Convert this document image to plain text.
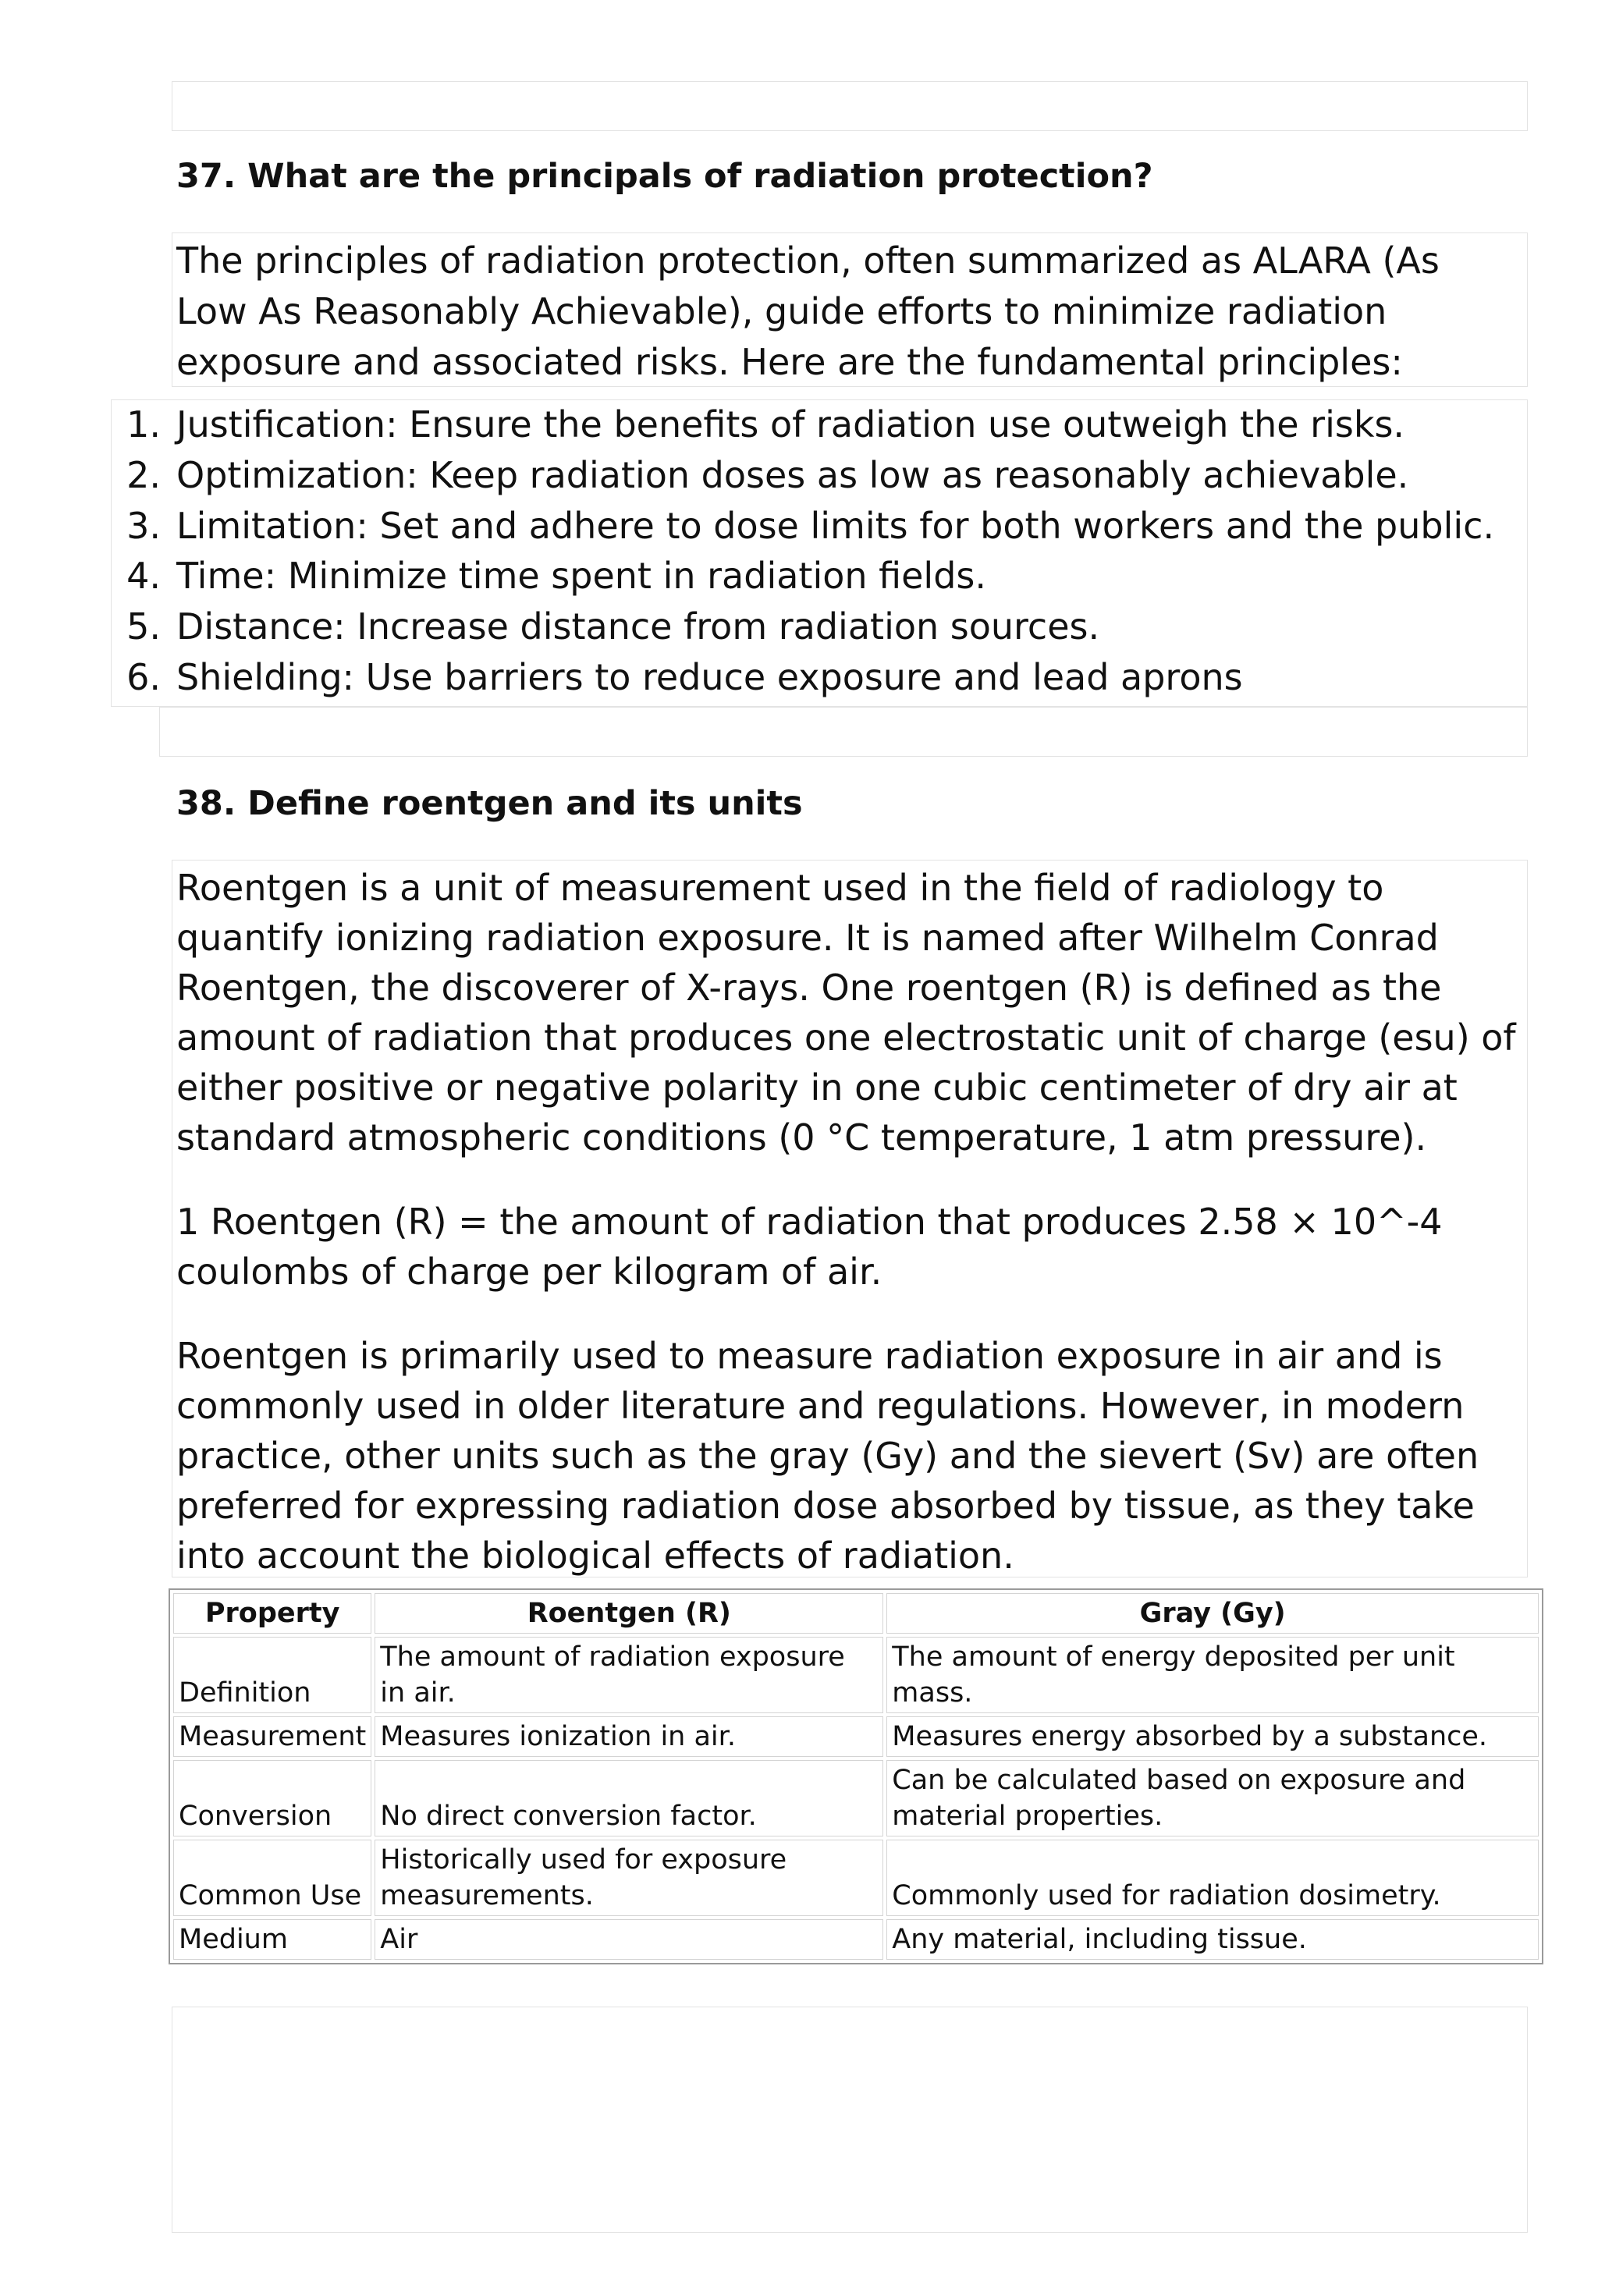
37. What are the principals of radiation protection?

The principles of radiation protection, often summarized as ALARA (As Low As Reasonably Achievable), guide efforts to minimize radiation exposure and associated risks. Here are the fundamental principles:

1. Justification: Ensure the benefits of radiation use outweigh the risks.
2. Optimization: Keep radiation doses as low as reasonably achievable.
3. Limitation: Set and adhere to dose limits for both workers and the public.
4. Time: Minimize time spent in radiation fields.
5. Distance: Increase distance from radiation sources.
6. Shielding: Use barriers to reduce exposure and lead aprons
38. Define roentgen and its units

Roentgen is a unit of measurement used in the field of radiology to quantify ionizing radiation exposure. It is named after Wilhelm Conrad Roentgen, the discoverer of X-rays. One roentgen (R) is defined as the amount of radiation that produces one electrostatic unit of charge (esu) of either positive or negative polarity in one cubic centimeter of dry air at standard atmospheric conditions (0 °C temperature, 1 atm pressure).

1 Roentgen (R) = the amount of radiation that produces 2.58 × 10^-4 coulombs of charge per kilogram of air.

Roentgen is primarily used to measure radiation exposure in air and is commonly used in older literature and regulations. However, in modern practice, other units such as the gray (Gy) and the sievert (Sv) are often preferred for expressing radiation dose absorbed by tissue, as they take into account the biological effects of radiation.

Property	Roentgen (R)	Gray (Gy)
Definition	The amount of radiation exposure in air.	The amount of energy deposited per unit mass.
Measurement	Measures ionization in air.	Measures energy absorbed by a substance.
Conversion	No direct conversion factor.	Can be calculated based on exposure and material properties.
Common Use	Historically used for exposure measurements.	Commonly used for radiation dosimetry.
Medium	Air	Any material, including tissue.
